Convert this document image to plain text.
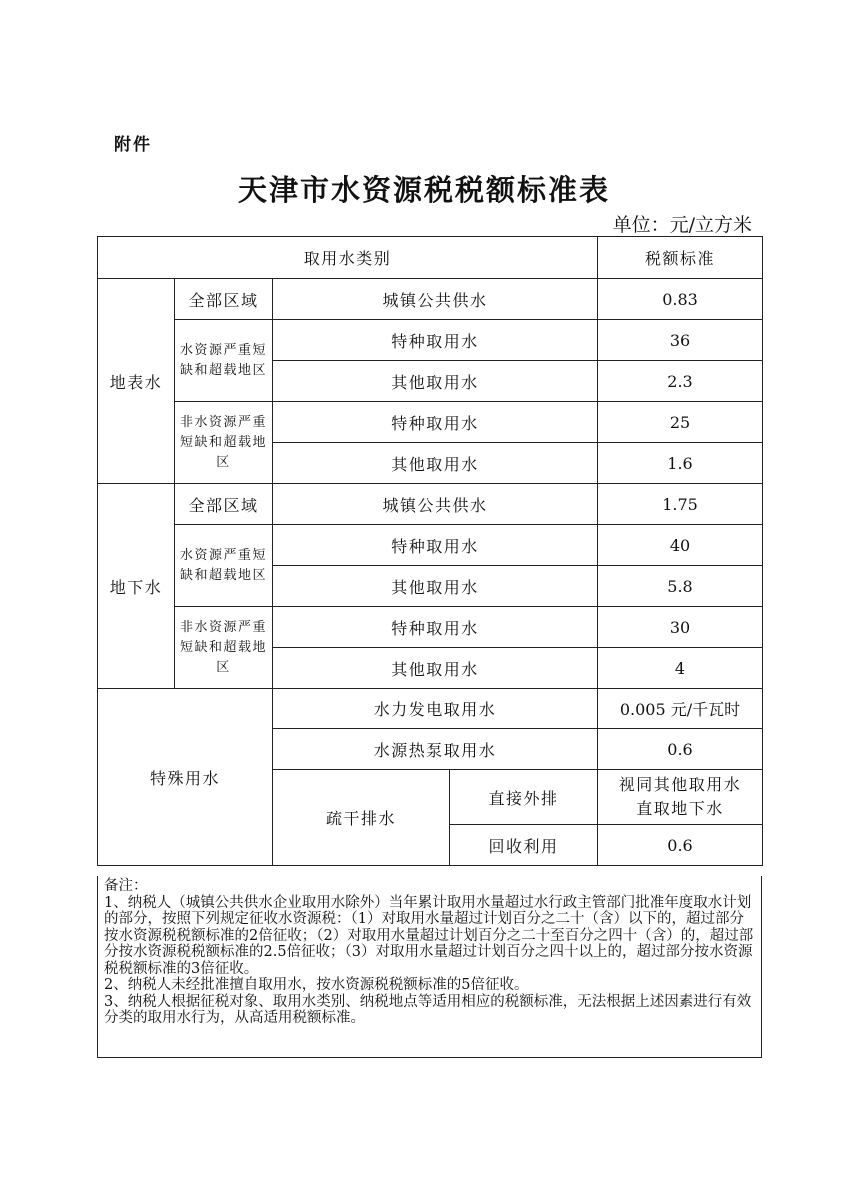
附件
天津市水资源税税额标准表
单位：元/立方米
取用水类别				税额标准
地表水	全部区域	城镇公共供水		0.83
	水资源严重短缺和超载地区	特种取用水		36
		其他取用水		2.3
	非水资源严重短缺和超载地区	特种取用水		25
		其他取用水		1.6
地下水	全部区域	城镇公共供水		1.75
	水资源严重短缺和超载地区	特种取用水		40
		其他取用水		5.8
	非水资源严重短缺和超载地区	特种取用水		30
		其他取用水		4
特殊用水		水力发电取用水		0.005 元/千瓦时
		水源热泵取用水		0.6
		疏干排水	直接外排	视同其他取用水直取地下水
			回收利用	0.6

备注：

1、纳税人（城镇公共供水企业取用水除外）当年累计取用水量超过水行政主管部门批准年度取水计划的部分，按照下列规定征收水资源税：（1）对取用水量超过计划百分之二十（含）以下的，超过部分按水资源税税额标准的2倍征收；（2）对取用水量超过计划百分之二十至百分之四十（含）的，超过部分按水资源税税额标准的2.5倍征收；（3）对取用水量超过计划百分之四十以上的，超过部分按水资源税税额标准的3倍征收。

2、纳税人未经批准擅自取用水，按水资源税税额标准的5倍征收。

3、纳税人根据征税对象、取用水类别、纳税地点等适用相应的税额标准，无法根据上述因素进行有效分类的取用水行为，从高适用税额标准。
